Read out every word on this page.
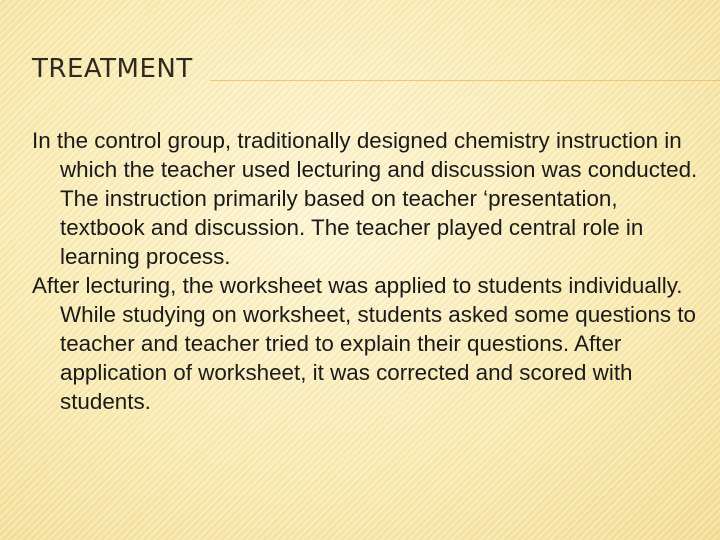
TREATMENT

In the control group, traditionally designed chemistry instruction in which the teacher used lecturing and discussion was conducted. The instruction primarily based on teacher ‘presentation, textbook and discussion. The teacher played central role in learning process.

After lecturing, the worksheet was applied to students individually. While studying on worksheet, students asked some questions to teacher and teacher tried to explain their questions. After application of worksheet, it was corrected and scored with students.
